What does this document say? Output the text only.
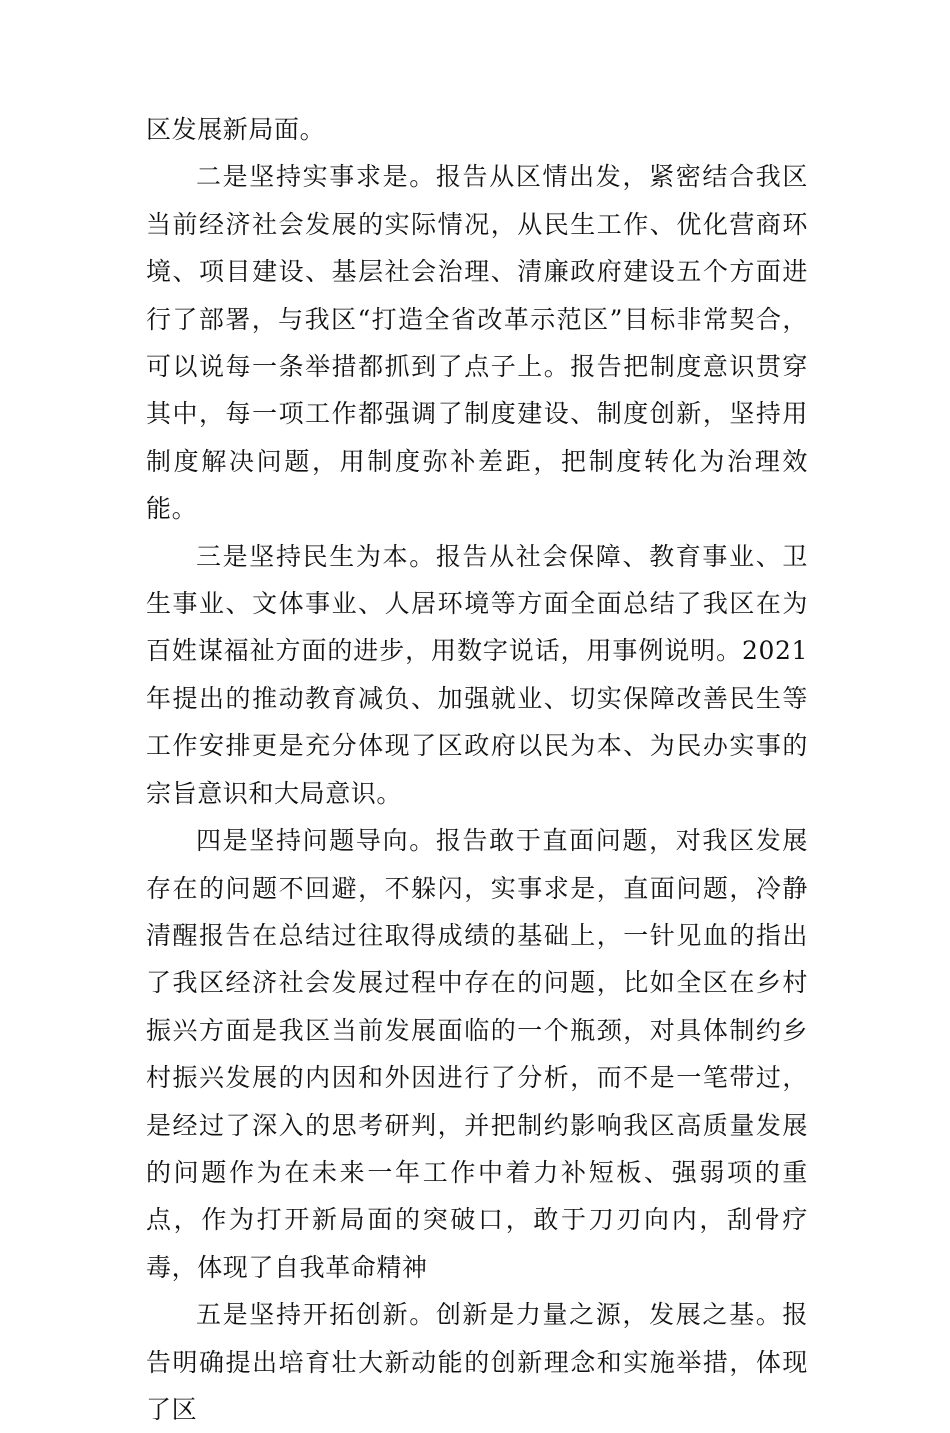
区发展新局面。

二是坚持实事求是。报告从区情出发，紧密结合我区当前经济社会发展的实际情况，从民生工作、优化营商环境、项目建设、基层社会治理、清廉政府建设五个方面进行了部署，与我区“打造全省改革示范区”目标非常契合，可以说每一条举措都抓到了点子上。报告把制度意识贯穿其中，每一项工作都强调了制度建设、制度创新，坚持用制度解决问题，用制度弥补差距，把制度转化为治理效能。

三是坚持民生为本。报告从社会保障、教育事业、卫生事业、文体事业、人居环境等方面全面总结了我区在为百姓谋福祉方面的进步，用数字说话，用事例说明。2021年提出的推动教育减负、加强就业、切实保障改善民生等工作安排更是充分体现了区政府以民为本、为民办实事的宗旨意识和大局意识。

四是坚持问题导向。报告敢于直面问题，对我区发展存在的问题不回避，不躲闪，实事求是，直面问题，冷静清醒报告在总结过往取得成绩的基础上，一针见血的指出了我区经济社会发展过程中存在的问题，比如全区在乡村振兴方面是我区当前发展面临的一个瓶颈，对具体制约乡村振兴发展的内因和外因进行了分析，而不是一笔带过，是经过了深入的思考研判，并把制约影响我区高质量发展的问题作为在未来一年工作中着力补短板、强弱项的重点，作为打开新局面的突破口，敢于刀刃向内，刮骨疗毒，体现了自我革命精神

五是坚持开拓创新。创新是力量之源，发展之基。报告明确提出培育壮大新动能的创新理念和实施举措，体现了区
